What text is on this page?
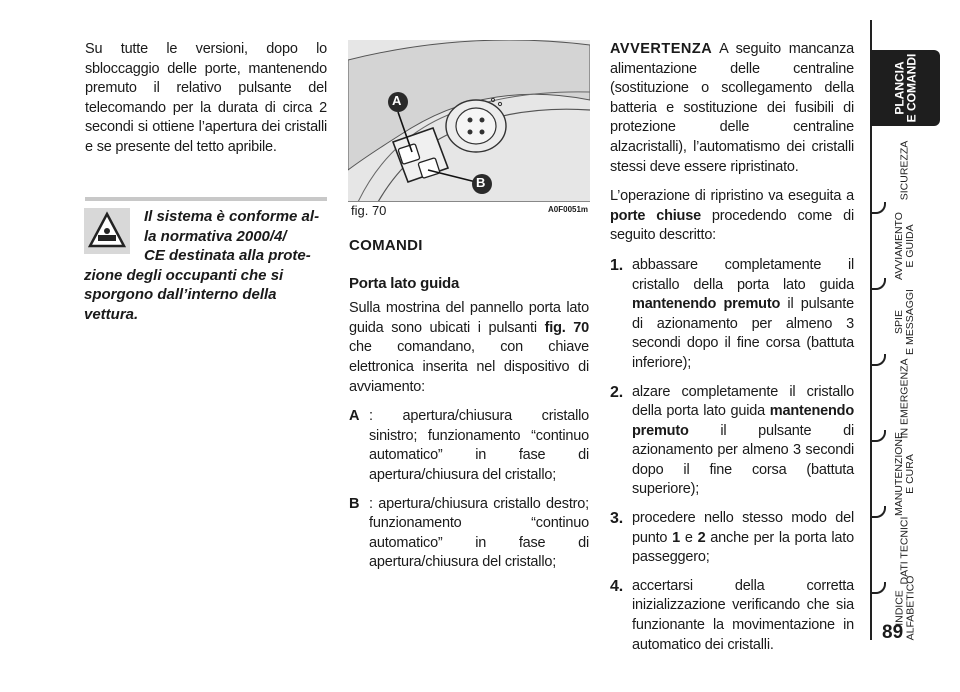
Su tutte le versioni, dopo lo sbloccaggio delle porte, mantenendo premuto il relativo pulsante del telecomando per la durata di circa 2 secondi si ottiene l’apertura dei cristalli e se presente del tetto apribile.

Il sistema è conforme al-
la normativa 2000/4/
CE destinata alla prote-
zione degli occupanti che si sporgono dall’interno della vettura.
A
B
fig. 70	A0F0051m
COMANDI
Porta lato guida

Sulla mostrina del pannello porta lato guida sono ubicati i pulsanti fig. 70 che comandano, con chiave elettronica inserita nel dispositivo di avviamento:

A : apertura/chiusura cristallo sinistro; funzionamento “continuo automatico” in fase di apertura/chiusura del cristallo;
B : apertura/chiusura cristallo destro; funzionamento “continuo automatico” in fase di apertura/chiusura del cristallo;

AVVERTENZA A seguito mancanza alimentazione delle centraline (sostituzione o scollegamento della batteria e sostituzione dei fusibili di protezione delle centraline alzacristalli), l’automatismo dei cristalli stessi deve essere ripristinato.

L’operazione di ripristino va eseguita a porte chiuse procedendo come di seguito descritto:

1. abbassare completamente il cristallo della porta lato guida mantenendo premuto il pulsante di azionamento per almeno 3 secondi dopo il fine corsa (battuta inferiore);
2. alzare completamente il cristallo della porta lato guida mantenendo premuto il pulsante di azionamento per almeno 3 secondi dopo il fine corsa (battuta superiore);
3. procedere nello stesso modo del punto 1 e 2 anche per la porta lato passeggero;
4. accertarsi della corretta inizializzazione verificando che sia funzionante la movimentazione in automatico dei cristalli.
PLANCIA
E COMANDI
SICUREZZA
AVVIAMENTO
E GUIDA
SPIE
E MESSAGGI
IN EMERGENZA
MANUTENZIONE
E CURA
DATI TECNICI
INDICE
ALFABETICO
89
